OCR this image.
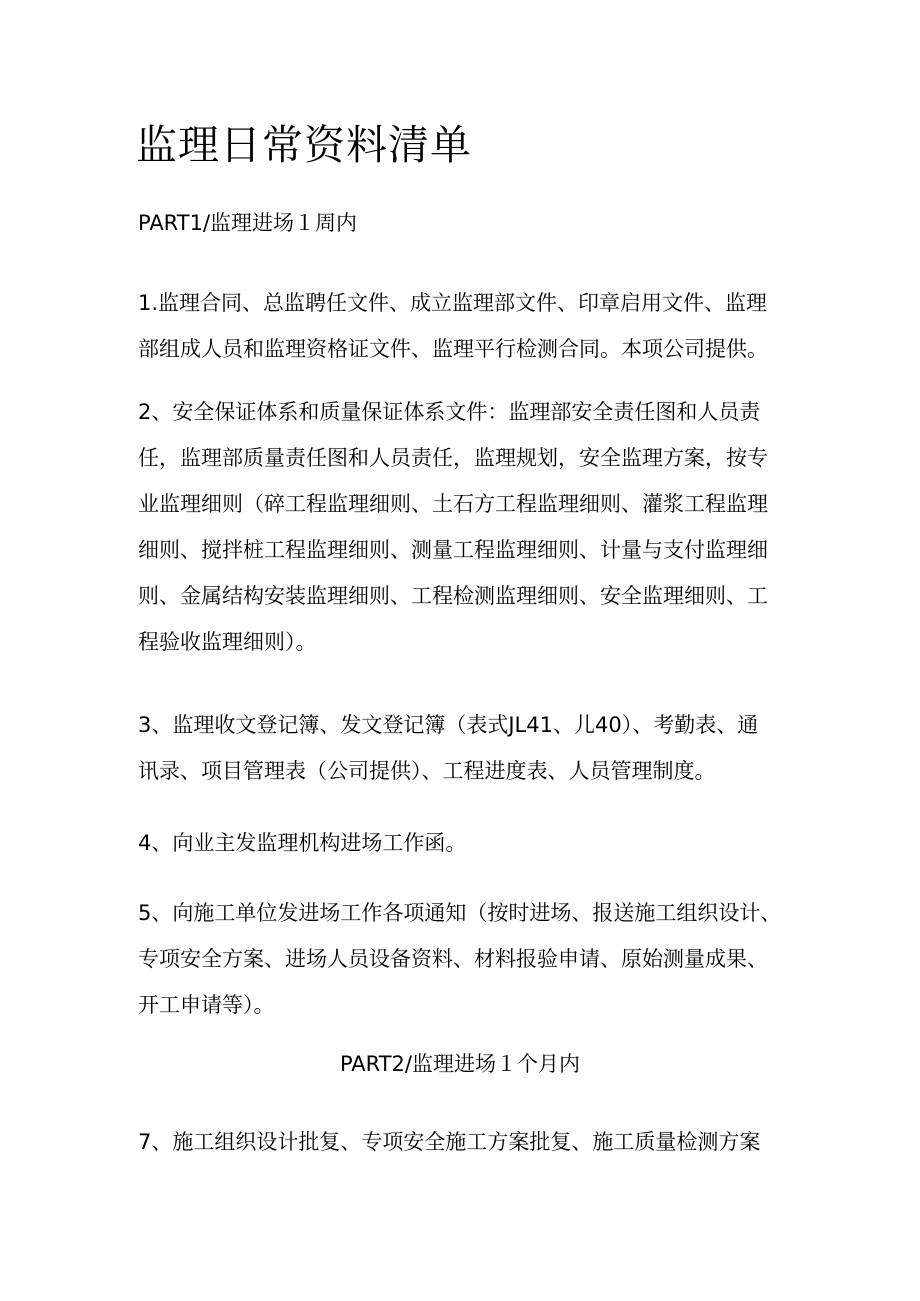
监理日常资料清单
PART1/监理进场１周内
1.监理合同、总监聘任文件、成立监理部文件、印章启用文件、监理
部组成人员和监理资格证文件、监理平行检测合同。本项公司提供。
2、安全保证体系和质量保证体系文件：监理部安全责任图和人员责
任，监理部质量责任图和人员责任，监理规划，安全监理方案，按专
业监理细则（碎工程监理细则、土石方工程监理细则、灌浆工程监理
细则、搅拌桩工程监理细则、测量工程监理细则、计量与支付监理细
则、金属结构安装监理细则、工程检测监理细则、安全监理细则、工
程验收监理细则）。
3、监理收文登记簿、发文登记簿（表式JL41、儿40）、考勤表、通
讯录、项目管理表（公司提供）、工程进度表、人员管理制度。
4、向业主发监理机构进场工作函。
5、向施工单位发进场工作各项通知（按时进场、报送施工组织设计、
专项安全方案、进场人员设备资料、材料报验申请、原始测量成果、
开工申请等）。
PART2/监理进场１个月内
7、施工组织设计批复、专项安全施工方案批复、施工质量检测方案
